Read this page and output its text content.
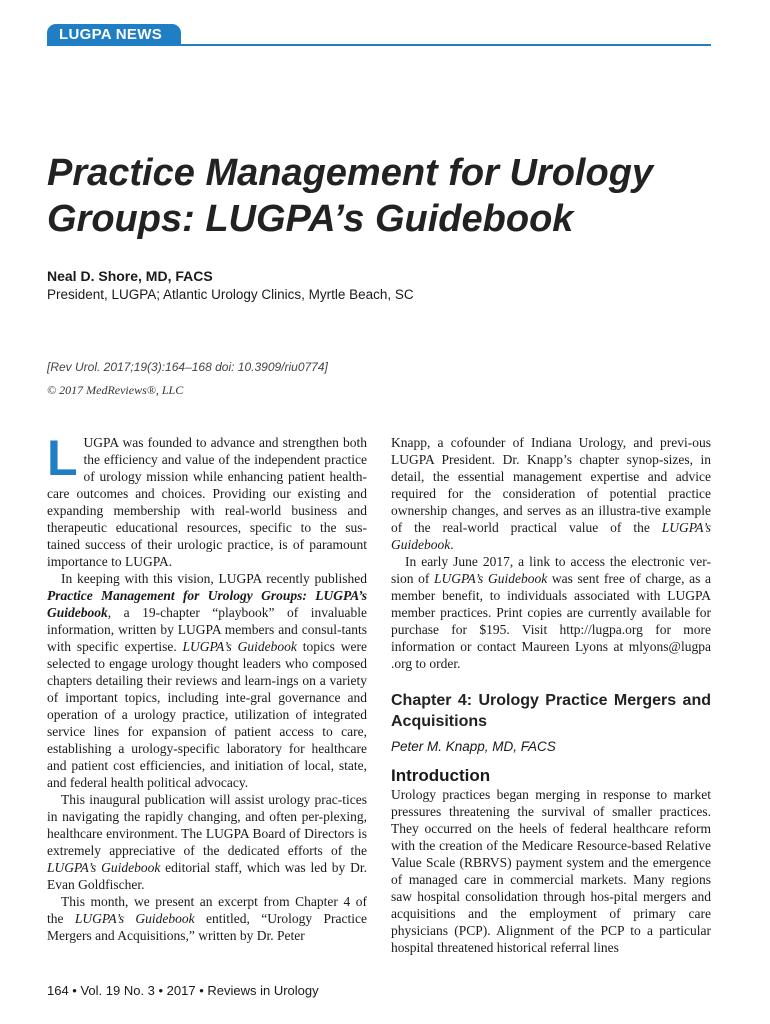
LUGPA NEWS
Practice Management for Urology Groups: LUGPA’s Guidebook
Neal D. Shore, MD, FACS
President, LUGPA; Atlantic Urology Clinics, Myrtle Beach, SC
[Rev Urol. 2017;19(3):164–168 doi: 10.3909/riu0774]
© 2017 MedReviews®, LLC

LUGPA was founded to advance and strengthen both the efficiency and value of the independent practice of urology mission while enhancing patient health-care outcomes and choices. Providing our existing and expanding membership with real-world business and therapeutic educational resources, specific to the sus-tained success of their urologic practice, is of paramount importance to LUGPA.

In keeping with this vision, LUGPA recently published Practice Management for Urology Groups: LUGPA’s Guidebook, a 19-chapter “playbook” of invaluable information, written by LUGPA members and consul-tants with specific expertise. LUGPA’s Guidebook topics were selected to engage urology thought leaders who composed chapters detailing their reviews and learn-ings on a variety of important topics, including inte-gral governance and operation of a urology practice, utilization of integrated service lines for expansion of patient access to care, establishing a urology-specific laboratory for healthcare and patient cost efficiencies, and initiation of local, state, and federal health political advocacy.

This inaugural publication will assist urology prac-tices in navigating the rapidly changing, and often per-plexing, healthcare environment. The LUGPA Board of Directors is extremely appreciative of the dedicated efforts of the LUGPA’s Guidebook editorial staff, which was led by Dr. Evan Goldfischer.

This month, we present an excerpt from Chapter 4 of the LUGPA’s Guidebook entitled, “Urology Practice Mergers and Acquisitions,” written by Dr. Peter

Knapp, a cofounder of Indiana Urology, and previ-ous LUGPA President. Dr. Knapp’s chapter synop-sizes, in detail, the essential management expertise and advice required for the consideration of potential practice ownership changes, and serves as an illustra-tive example of the real-world practical value of the LUGPA’s Guidebook.

In early June 2017, a link to access the electronic ver-sion of LUGPA’s Guidebook was sent free of charge, as a member benefit, to individuals associated with LUGPA member practices. Print copies are currently available for purchase for $195. Visit http://lugpa.org for more information or contact Maureen Lyons at mlyons@lugpa .org to order.

Chapter 4: Urology Practice Mergers and Acquisitions
Peter M. Knapp, MD, FACS
Introduction

Urology practices began merging in response to market pressures threatening the survival of smaller practices. They occurred on the heels of federal healthcare reform with the creation of the Medicare Resource-based Relative Value Scale (RBRVS) payment system and the emergence of managed care in commercial markets. Many regions saw hospital consolidation through hos-pital mergers and acquisitions and the employment of primary care physicians (PCP). Alignment of the PCP to a particular hospital threatened historical referral lines

164 • Vol. 19 No. 3 • 2017 • Reviews in Urology
